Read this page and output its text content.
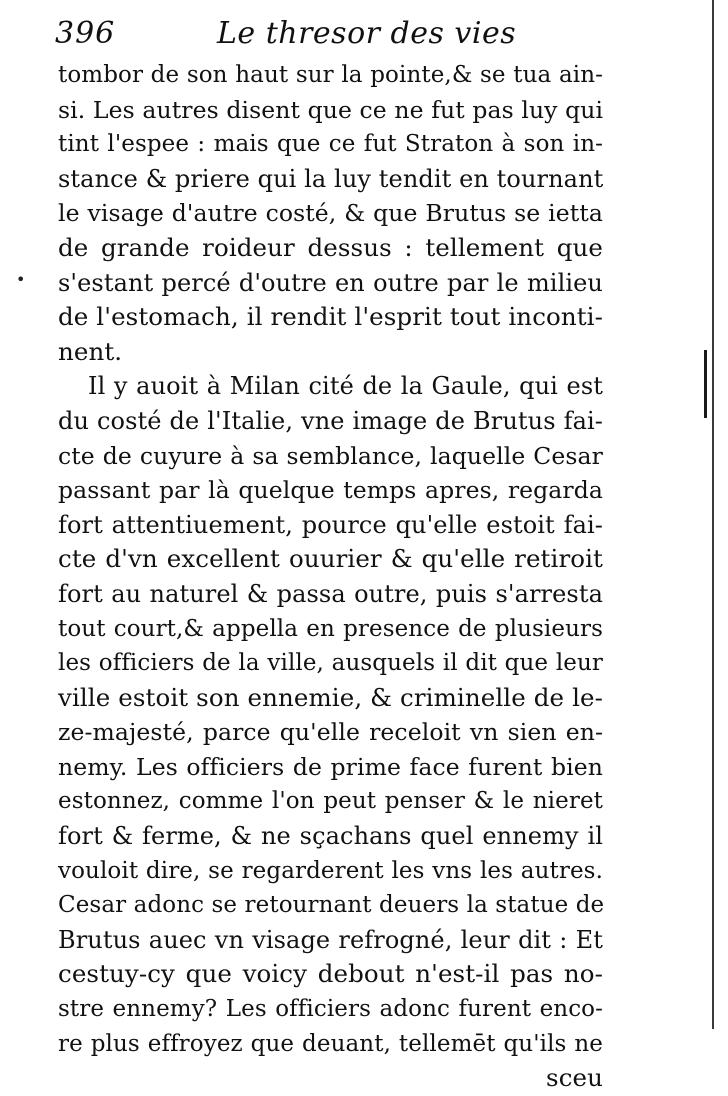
396	Le thresor des vies
tombor de son haut sur la pointe,& se tua ain-
si. Les autres disent que ce ne fut pas luy qui
tint l'espee : mais que ce fut Straton à son in-
stance & priere qui la luy tendit en tournant
le visage d'autre costé, & que Brutus se ietta
de grande roideur dessus : tellement que
s'estant percé d'outre en outre par le milieu
de l'estomach, il rendit l'esprit tout inconti-
nent.
Il y auoit à Milan cité de la Gaule, qui est
du costé de l'Italie, vne image de Brutus fai-
cte de cuyure à sa semblance, laquelle Cesar
passant par là quelque temps apres, regarda
fort attentiuement, pource qu'elle estoit fai-
cte d'vn excellent ouurier & qu'elle retiroit
fort au naturel & passa outre, puis s'arresta
tout court,& appella en presence de plusieurs
les officiers de la ville, ausquels il dit que leur
ville estoit son ennemie, & criminelle de le-
ze-majesté, parce qu'elle receloit vn sien en-
nemy. Les officiers de prime face furent bien
estonnez, comme l'on peut penser & le nieret
fort & ferme, & ne sçachans quel ennemy il
vouloit dire, se regarderent les vns les autres.
Cesar adonc se retournant deuers la statue de
Brutus auec vn visage refrogné, leur dit : Et
cestuy-cy que voicy debout n'est-il pas no-
stre ennemy? Les officiers adonc furent enco-
re plus effroyez que deuant, tellemēt qu'ils ne
sceu
•
